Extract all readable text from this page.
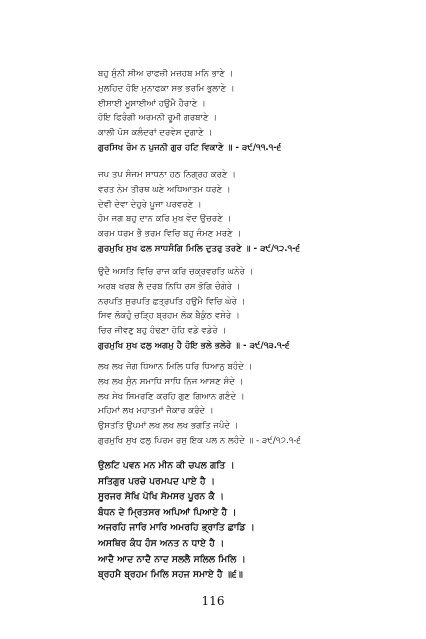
ਬਹੁ ਸੁੰਨੀ ਸੀਅ ਰਾਫਜ਼ੀ ਮਜ਼ਹਬ ਮਨਿ ਭਾਣੇ ।
ਮੁਲਹਿਦ ਹੋਇ ਮੁਨਾਫਕਾ ਸਭ ਭਰਮਿ ਭੁਲਾਣੇ ।
ਈਸਾਈ ਮੂਸਾਈਆਂ ਹਉਮੈ ਹੈਰਾਣੇ ।
ਹੋਇ ਫਿਰੰਗੀ ਅਰਮਨੀ ਰੂਮੀ ਗਰਬਾਣੇ ।
ਕਾਲੀ ਪੋਸ ਕਲੰਦਰਾਂ ਦਰਵੇਸ ਦੁਗਾਣੇ ।
ਗੁਰਸਿਖ ਰੋਮ ਨ ਪੁਜਨੀ ਗੁਰ ਹਟਿ ਵਿਕਾਣੇ ॥ - ੩੯/੧੧.੧-੬
ਜਪ ਤਪ ਸੰਜਮ ਸਾਧਨਾ ਹਠ ਨਿਗ੍ਰਹ ਕਰਣੇ ।
ਵਰਤ ਨੇਮ ਤੀਰਥ ਘਣੇ ਅਧਿਆਤਮ ਧਰਣੇ ।
ਦੇਵੀ ਦੇਵਾ ਦੇਹੁਰੇ ਪੂਜਾ ਪਰਵਰਣੇ ।
ਹੋਮ ਜਗ ਬਹੁ ਦਾਨ ਕਰਿ ਮੁਖ ਵੇਦ ਉਚਰਣੇ ।
ਕਰਮ ਧਰਮ ਭੈ ਭਰਮ ਵਿਚਿ ਬਹੁ ਜੰਮਣ ਮਰਣੇ ।
ਗੁਰਮੁਖਿ ਸੁਖ ਫਲ ਸਾਧਸੰਗਿ ਮਿਲਿ ਦੁਤਰੁ ਤਰਣੇ ॥ - ੩੯/੧੨.੧-੬
ਉਦੈ ਅਸਤਿ ਵਿਚਿ ਰਾਜ ਕਰਿ ਚਕ੍ਰਵਰਤਿ ਘਨੇਰੇ ।
ਅਰਬ ਖਰਬ ਲੈ ਦਰਬ ਨਿਧਿ ਰਸ ਭੋਗਿ ਚੰਗੇਰੇ ।
ਨਰਪਤਿ ਸੁਰਪਤਿ ਛਤ੍ਰਪਤਿ ਹਉਮੈ ਵਿਚਿ ਘੇਰੇ ।
ਸਿਵ ਲੋਕਹੁੰ ਚੜ੍ਹਿ ਬ੍ਰਹਮ ਲੋਕ ਬੈਕੁੰਠ ਵਸੇਰੇ ।
ਚਿਰ ਜੀਵਣੁ ਬਹੁ ਹੰਢਣਾ ਹੋਹਿ ਵਡੇ ਵਡੇਰੇ ।
ਗੁਰਮੁਖਿ ਸੁਖ ਫਲੁ ਅਗਮੁ ਹੈ ਹੋਇ ਭਲੇ ਭਲੇਰੇ ॥ - ੩੯/੧੩.੧-੬
ਲਖ ਲਖ ਜੋਗ ਧਿਆਨ ਮਿਲਿ ਧਰਿ ਧਿਆਨੁ ਬਹੰਦੇ ।
ਲਖ ਲਖ ਸੁੰਨ ਸਮਾਧਿ ਸਾਧਿ ਨਿਜ ਆਸਣ ਸੰਦੇ ।
ਲਖ ਸੇਖ ਸਿਮਰਣਿ ਕਰਹਿ ਗੁਣ ਗਿਆਨ ਗਣੰਦੇ ।
ਮਹਿਮਾਂ ਲਖ ਮਹਾਤਮਾਂ ਜੈਕਾਰ ਕਰੰਦੇ ।
ਉਸਤਤਿ ਉਪਮਾਂ ਲਖ ਲਖ ਲਖ ਭਗਤਿ ਜਪੰਦੇ ।
ਗੁਰਮੁਖਿ ਸੁਖ ਫਲੁ ਪਿਰਮ ਰਸੁ ਇਕ ਪਲ ਨ ਲਹੰਦੇ ॥ - ੩੯/੧੭.੧-੬
ਉਲਟਿ ਪਵਨ ਮਨ ਮੀਨ ਕੀ ਚਪਲ ਗਤਿ ।
ਸਤਿਗੁਰ ਪਰਚੇ ਪਰਮਪਦ ਪਾਏ ਹੈ ।
ਸੂਰਜਰ ਸੋਖਿ ਪੋਖਿ ਸੋਮਸਰ ਪੂਰਨ ਕੈ ।
ਬੰਧਨ ਦੇ ਮ੍ਰਿਤਸਰ ਅਪਿਆਂ ਪਿਆਏ ਹੈ ।
ਅਜਰਹਿ ਜਾਰਿ ਮਾਰਿ ਅਮਰਹਿ ਭ੍ਰਾਤਿ ਛਾਡਿ ।
ਅਸਥਿਰ ਕੰਧ ਹੰਸ ਅਨਤ ਨ ਧਾਏ ਹੈ ।
ਆਦੈ ਆਦ ਨਾਦੈ ਨਾਦ ਸਲਲੈ ਸਲਿਲ ਮਿਲਿ ।
ਬ੍ਰਹਮੈ ਬ੍ਰਹਮ ਮਿਲਿ ਸਹਜ ਸਮਾਏ ਹੈ ॥੬॥
116
